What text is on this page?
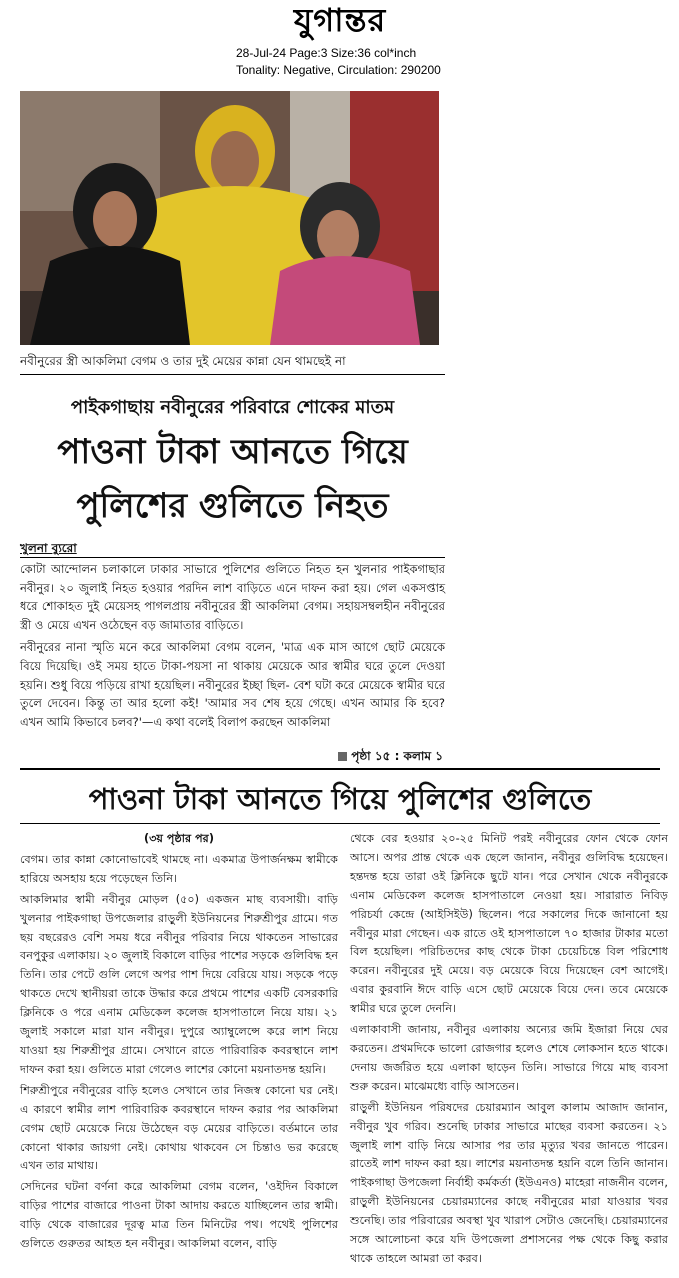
যুগান্তর
28-Jul-24 Page:3 Size:36 col*inch
Tonality: Negative, Circulation: 290200
নবীনুরের স্ত্রী আকলিমা বেগম ও তার দুই মেয়ের কান্না যেন থামছেই না
পাইকগাছায় নবীনুরের পরিবারে শোকের মাতম
পাওনা টাকা আনতে গিয়ে
পুলিশের গুলিতে নিহত
খুলনা ব্যুরো

কোটা আন্দোলন চলাকালে ঢাকার সাভারে পুলিশের গুলিতে নিহত হন খুলনার পাইকগাছার নবীনুর। ২০ জুলাই নিহত হওয়ার পরদিন লাশ বাড়িতে এনে দাফন করা হয়। গেল একসপ্তাহ ধরে শোকাহত দুই মেয়েসহ পাগলপ্রায় নবীনুরের স্ত্রী আকলিমা বেগম। সহায়সম্বলহীন নবীনুরের স্ত্রী ও মেয়ে এখন ওঠেছেন বড় জামাতার বাড়িতে।

নবীনুরের নানা স্মৃতি মনে করে আকলিমা বেগম বলেন, 'মাত্র এক মাস আগে ছোট মেয়েকে বিয়ে দিয়েছি। ওই সময় হাতে টাকা-পয়সা না থাকায় মেয়েকে আর স্বামীর ঘরে তুলে দেওয়া হয়নি। শুধু বিয়ে পড়িয়ে রাখা হয়েছিল। নবীনুরের ইচ্ছা ছিল- বেশ ঘটা করে মেয়েকে স্বামীর ঘরে তুলে দেবেন। কিন্তু তা আর হলো কই! 'আমার সব শেষ হয়ে গেছে। এখন আমার কি হবে? এখন আমি কিভাবে চলব?'—এ কথা বলেই বিলাপ করছেন আকলিমা

পৃষ্ঠা ১৫ : কলাম ১
পাওনা টাকা আনতে গিয়ে পুলিশের গুলিতে

(৩য় পৃষ্ঠার পর)

বেগম। তার কান্না কোনোভাবেই থামছে না। একমাত্র উপার্জনক্ষম স্বামীকে হারিয়ে অসহায় হয়ে পড়েছেন তিনি।

আকলিমার স্বামী নবীনুর মোড়ল (৫০) একজন মাছ ব্যবসায়ী। বাড়ি খুলনার পাইকগাছা উপজেলার রাড়ুলী ইউনিয়নের শিরুশ্রীপুর গ্রামে। গত ছয় বছরেরও বেশি সময় ধরে নবীনুর পরিবার নিয়ে থাকতেন সাভারের বনপুকুর এলাকায়। ২০ জুলাই বিকালে বাড়ির পাশের সড়কে গুলিবিদ্ধ হন তিনি। তার পেটে গুলি লেগে অপর পাশ দিয়ে বেরিয়ে যায়। সড়কে পড়ে থাকতে দেখে স্থানীয়রা তাকে উদ্ধার করে প্রথমে পাশের একটি বেসরকারি ক্লিনিকে ও পরে এনাম মেডিকেল কলেজ হাসপাতালে নিয়ে যায়। ২১ জুলাই সকালে মারা যান নবীনুর। দুপুরে অ্যাম্বুলেন্সে করে লাশ নিয়ে যাওয়া হয় শিরুশ্রীপুর গ্রামে। সেখানে রাতে পারিবারিক কবরস্থানে লাশ দাফন করা হয়। গুলিতে মারা গেলেও লাশের কোনো ময়নাতদন্ত হয়নি।

শিরুশ্রীপুরে নবীনুরের বাড়ি হলেও সেখানে তার নিজস্ব কোনো ঘর নেই। এ কারণে স্বামীর লাশ পারিবারিক কবরস্থানে দাফন করার পর আকলিমা বেগম ছোট মেয়েকে নিয়ে উঠেছেন বড় মেয়ের বাড়িতে। বর্তমানে তার কোনো থাকার জায়গা নেই। কোথায় থাকবেন সে চিন্তাও ভর করেছে এখন তার মাথায়।

সেদিনের ঘটনা বর্ণনা করে আকলিমা বেগম বলেন, 'ওইদিন বিকালে বাড়ির পাশের বাজারে পাওনা টাকা আদায় করতে যাচ্ছিলেন তার স্বামী। বাড়ি থেকে বাজারের দূরত্ব মাত্র তিন মিনিটের পথ। পথেই পুলিশের গুলিতে গুরুতর আহত হন নবীনুর। আকলিমা বলেন, বাড়ি

থেকে বের হওয়ার ২০-২৫ মিনিট পরই নবীনুরের ফোন থেকে ফোন আসে। অপর প্রান্ত থেকে এক ছেলে জানান, নবীনুর গুলিবিদ্ধ হয়েছেন। হন্তদন্ত হয়ে তারা ওই ক্লিনিকে ছুটে যান। পরে সেখান থেকে নবীনুরকে এনাম মেডিকেল কলেজ হাসপাতালে নেওয়া হয়। সারারাত নিবিড় পরিচর্যা কেন্দ্রে (আইসিইউ) ছিলেন। পরে সকালের দিকে জানানো হয় নবীনুর মারা গেছেন। এক রাতে ওই হাসপাতালে ৭০ হাজার টাকার মতো বিল হয়েছিল। পরিচিতদের কাছ থেকে টাকা চেয়েচিন্তে বিল পরিশোধ করেন। নবীনুরের দুই মেয়ে। বড় মেয়েকে বিয়ে দিয়েছেন বেশ আগেই। এবার কুরবানি ঈদে বাড়ি এসে ছোট মেয়েকে বিয়ে দেন। তবে মেয়েকে স্বামীর ঘরে তুলে দেননি।

এলাকাবাসী জানায়, নবীনুর এলাকায় অন্যের জমি ইজারা নিয়ে ঘের করতেন। প্রথমদিকে ভালো রোজগার হলেও শেষে লোকসান হতে থাকে। দেনায় জর্জরিত হয়ে এলাকা ছাড়েন তিনি। সাভারে গিয়ে মাছ ব্যবসা শুরু করেন। মাঝেমধ্যে বাড়ি আসতেন।

রাড়ুলী ইউনিয়ন পরিষদের চেয়ারম্যান আবুল কালাম আজাদ জানান, নবীনুর খুব গরিব। শুনেছি ঢাকার সাভারে মাছের ব্যবসা করতেন। ২১ জুলাই লাশ বাড়ি নিয়ে আসার পর তার মৃত্যুর খবর জানতে পারেন। রাতেই লাশ দাফন করা হয়। লাশের ময়নাতদন্ত হয়নি বলে তিনি জানান। পাইকগাছা উপজেলা নির্বাহী কর্মকর্তা (ইউএনও) মাহেরা নাজনীন বলেন, রাড়ুলী ইউনিয়নের চেয়ারম্যানের কাছে নবীনুরের মারা যাওয়ার খবর শুনেছি। তার পরিবারের অবস্থা খুব খারাপ সেটাও জেনেছি। চেয়ারম্যানের সঙ্গে আলোচনা করে যদি উপজেলা প্রশাসনের পক্ষ থেকে কিছু করার থাকে তাহলে আমরা তা করব।
